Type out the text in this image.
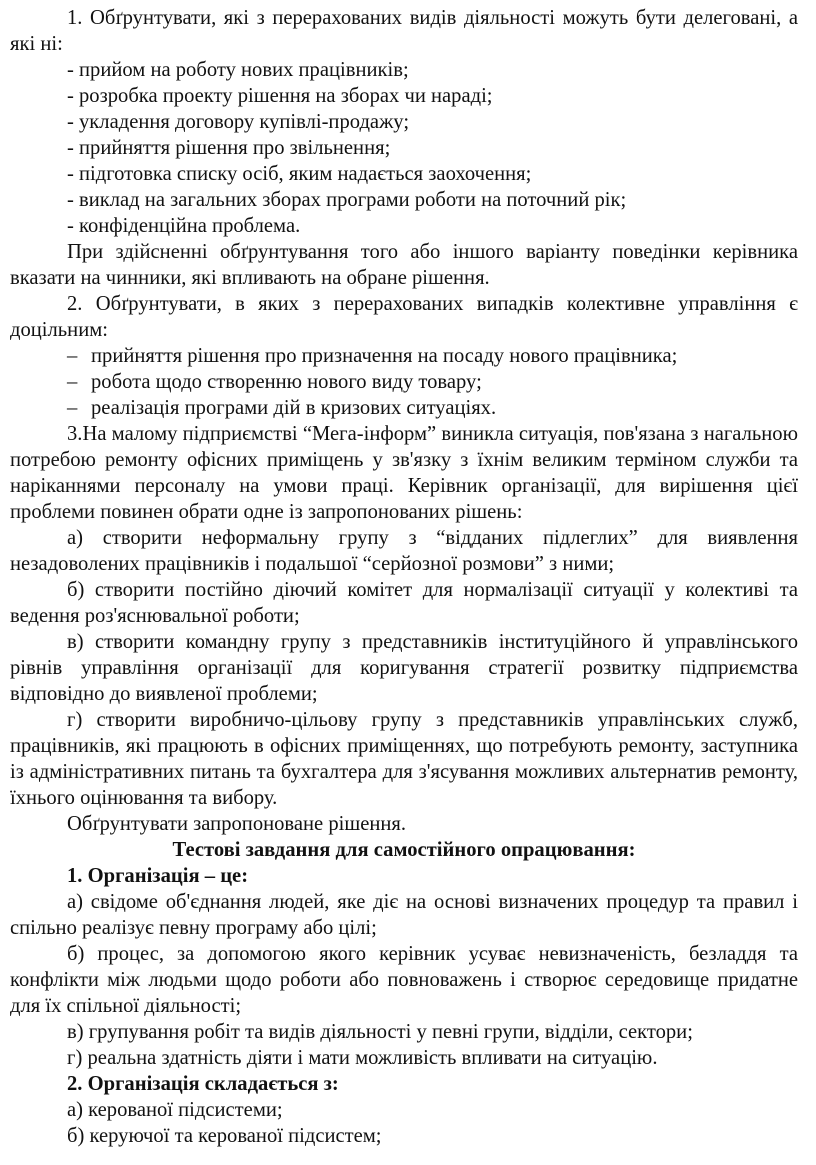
1. Обґрунтувати, які з перерахованих видів діяльності можуть бути делеговані, а які ні:

- прийом на роботу нових працівників;

- розробка проекту рішення на зборах чи нараді;

- укладення договору купівлі-продажу;

- прийняття рішення про звільнення;

- підготовка списку осіб, яким надається заохочення;

- виклад на загальних зборах програми роботи на поточний рік;

- конфіденційна проблема.

При здійсненні обґрунтування того або іншого варіанту поведінки керівника вказати на чинники, які впливають на обране рішення.

2. Обґрунтувати, в яких з перерахованих випадків колективне управління є доцільним:

– прийняття рішення про призначення на посаду нового працівника;

– робота щодо створенню нового виду товару;

– реалізація програми дій в кризових ситуаціях.

3.На малому підприємстві “Мега-інформ” виникла ситуація, пов'язана з нагальною потребою ремонту офісних приміщень у зв'язку з їхнім великим терміном служби та наріканнями персоналу на умови праці. Керівник організації, для вирішення цієї проблеми повинен обрати одне із запропонованих рішень:

а) створити неформальну групу з “відданих підлеглих” для виявлення незадоволених працівників і подальшої “серйозної розмови” з ними;

б) створити постійно діючий комітет для нормалізації ситуації у колективі та ведення роз'яснювальної роботи;

в) створити командну групу з представників інституційного й управлінського рівнів управління організації для коригування стратегії розвитку підприємства відповідно до виявленої проблеми;

г) створити виробничо-цільову групу з представників управлінських служб, працівників, які працюють в офісних приміщеннях, що потребують ремонту, заступника із адміністративних питань та бухгалтера для з'ясування можливих альтернатив ремонту, їхнього оцінювання та вибору.

Обґрунтувати запропоноване рішення.

Тестові завдання для самостійного опрацювання:

1. Організація – це:

а) свідоме об'єднання людей, яке діє на основі визначених процедур та правил і спільно реалізує певну програму або цілі;

б) процес, за допомогою якого керівник усуває невизначеність, безладдя та конфлікти між людьми щодо роботи або повноважень і створює середовище придатне для їх спільної діяльності;

в) групування робіт та видів діяльності у певні групи, відділи, сектори;

г) реальна здатність діяти і мати можливість впливати на ситуацію.

2. Організація складається з:

а) керованої підсистеми;

б) керуючої та керованої підсистем;
